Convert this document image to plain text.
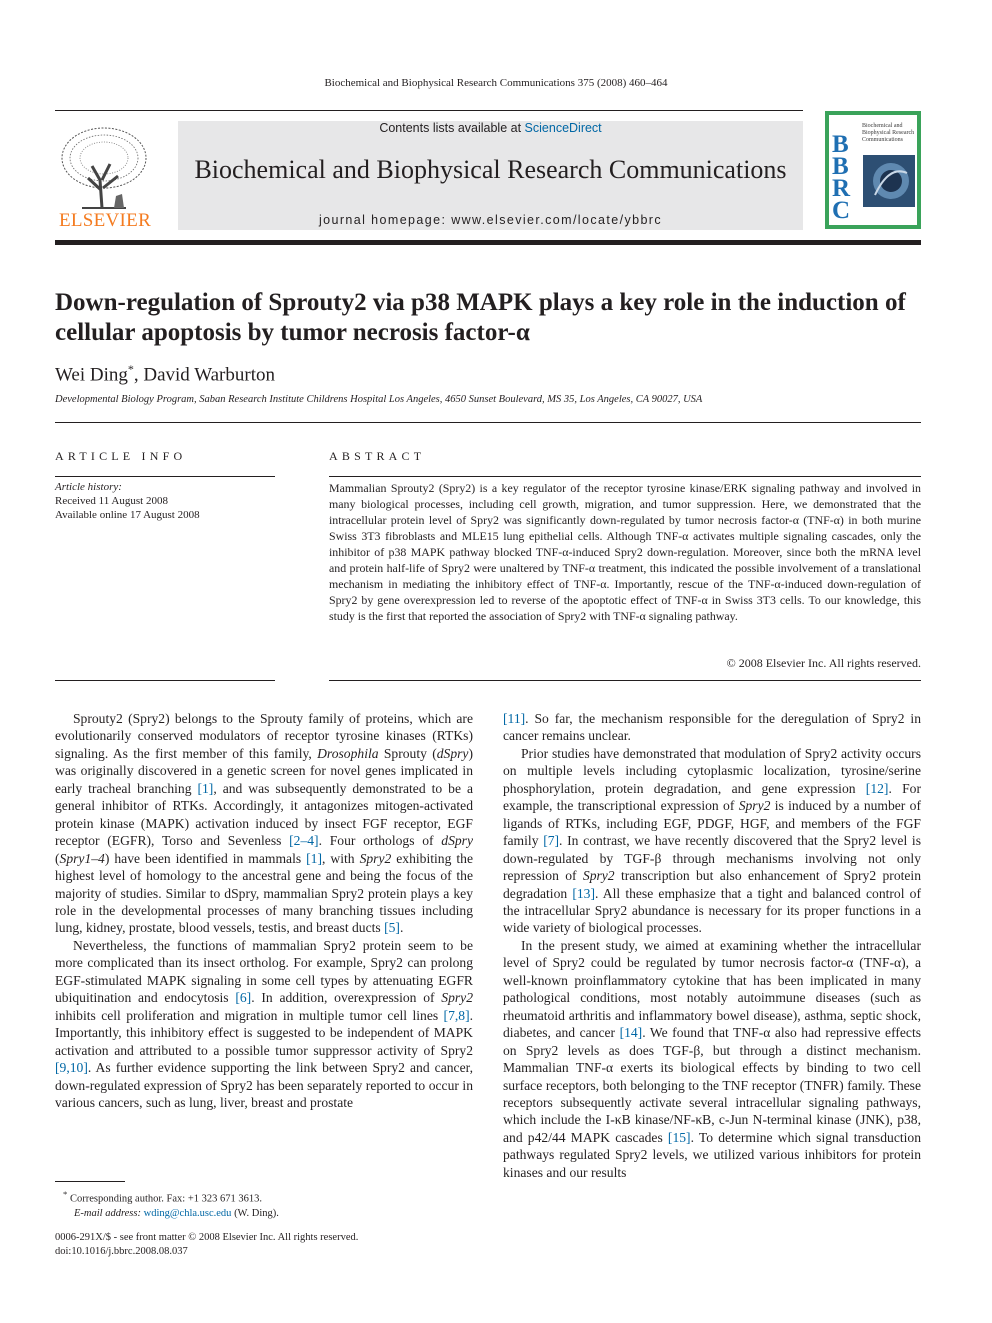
Biochemical and Biophysical Research Communications 375 (2008) 460–464
ELSEVIER
Contents lists available at ScienceDirect
Biochemical and Biophysical Research Communications
journal homepage: www.elsevier.com/locate/ybbrc
B
B
R
C
Biochemical and Biophysical Research Communications
Down-regulation of Sprouty2 via p38 MAPK plays a key role in the induction of cellular apoptosis by tumor necrosis factor-α
Wei Ding*, David Warburton
Developmental Biology Program, Saban Research Institute Childrens Hospital Los Angeles, 4650 Sunset Boulevard, MS 35, Los Angeles, CA 90027, USA
ARTICLE INFO
Article history:
Received 11 August 2008
Available online 17 August 2008
ABSTRACT
Mammalian Sprouty2 (Spry2) is a key regulator of the receptor tyrosine kinase/ERK signaling pathway and involved in many biological processes, including cell growth, migration, and tumor suppression. Here, we demonstrated that the intracellular protein level of Spry2 was significantly down-regulated by tumor necrosis factor-α (TNF-α) in both murine Swiss 3T3 fibroblasts and MLE15 lung epithelial cells. Although TNF-α activates multiple signaling cascades, only the inhibitor of p38 MAPK pathway blocked TNF-α-induced Spry2 down-regulation. Moreover, since both the mRNA level and protein half-life of Spry2 were unaltered by TNF-α treatment, this indicated the possible involvement of a translational mechanism in mediating the inhibitory effect of TNF-α. Importantly, rescue of the TNF-α-induced down-regulation of Spry2 by gene overexpression led to reverse of the apoptotic effect of TNF-α in Swiss 3T3 cells. To our knowledge, this study is the first that reported the association of Spry2 with TNF-α signaling pathway.
© 2008 Elsevier Inc. All rights reserved.

Sprouty2 (Spry2) belongs to the Sprouty family of proteins, which are evolutionarily conserved modulators of receptor tyrosine kinases (RTKs) signaling. As the first member of this family, Drosophila Sprouty (dSpry) was originally discovered in a genetic screen for novel genes implicated in early tracheal branching [1], and was subsequently demonstrated to be a general inhibitor of RTKs. Accordingly, it antagonizes mitogen-activated protein kinase (MAPK) activation induced by insect FGF receptor, EGF receptor (EGFR), Torso and Sevenless [2–4]. Four orthologs of dSpry (Spry1–4) have been identified in mammals [1], with Spry2 exhibiting the highest level of homology to the ancestral gene and being the focus of the majority of studies. Similar to dSpry, mammalian Spry2 protein plays a key role in the developmental processes of many branching tissues including lung, kidney, prostate, blood vessels, testis, and breast ducts [5].

Nevertheless, the functions of mammalian Spry2 protein seem to be more complicated than its insect ortholog. For example, Spry2 can prolong EGF-stimulated MAPK signaling in some cell types by attenuating EGFR ubiquitination and endocytosis [6]. In addition, overexpression of Spry2 inhibits cell proliferation and migration in multiple tumor cell lines [7,8]. Importantly, this inhibitory effect is suggested to be independent of MAPK activation and attributed to a possible tumor suppressor activity of Spry2 [9,10]. As further evidence supporting the link between Spry2 and cancer, down-regulated expression of Spry2 has been separately reported to occur in various cancers, such as lung, liver, breast and prostate

[11]. So far, the mechanism responsible for the deregulation of Spry2 in cancer remains unclear.

Prior studies have demonstrated that modulation of Spry2 activity occurs on multiple levels including cytoplasmic localization, tyrosine/serine phosphorylation, protein degradation, and gene expression [12]. For example, the transcriptional expression of Spry2 is induced by a number of ligands of RTKs, including EGF, PDGF, HGF, and members of the FGF family [7]. In contrast, we have recently discovered that the Spry2 level is down-regulated by TGF-β through mechanisms involving not only repression of Spry2 transcription but also enhancement of Spry2 protein degradation [13]. All these emphasize that a tight and balanced control of the intracellular Spry2 abundance is necessary for its proper functions in a wide variety of biological processes.

In the present study, we aimed at examining whether the intracellular level of Spry2 could be regulated by tumor necrosis factor-α (TNF-α), a well-known proinflammatory cytokine that has been implicated in many pathological conditions, most notably autoimmune diseases (such as rheumatoid arthritis and inflammatory bowel disease), asthma, septic shock, diabetes, and cancer [14]. We found that TNF-α also had repressive effects on Spry2 levels as does TGF-β, but through a distinct mechanism. Mammalian TNF-α exerts its biological effects by binding to two cell surface receptors, both belonging to the TNF receptor (TNFR) family. These receptors subsequently activate several intracellular signaling pathways, which include the I-κB kinase/NF-κB, c-Jun N-terminal kinase (JNK), p38, and p42/44 MAPK cascades [15]. To determine which signal transduction pathways regulated Spry2 levels, we utilized various inhibitors for protein kinases and our results

* Corresponding author. Fax: +1 323 671 3613.
E-mail address: wding@chla.usc.edu (W. Ding).
0006-291X/$ - see front matter © 2008 Elsevier Inc. All rights reserved.
doi:10.1016/j.bbrc.2008.08.037
